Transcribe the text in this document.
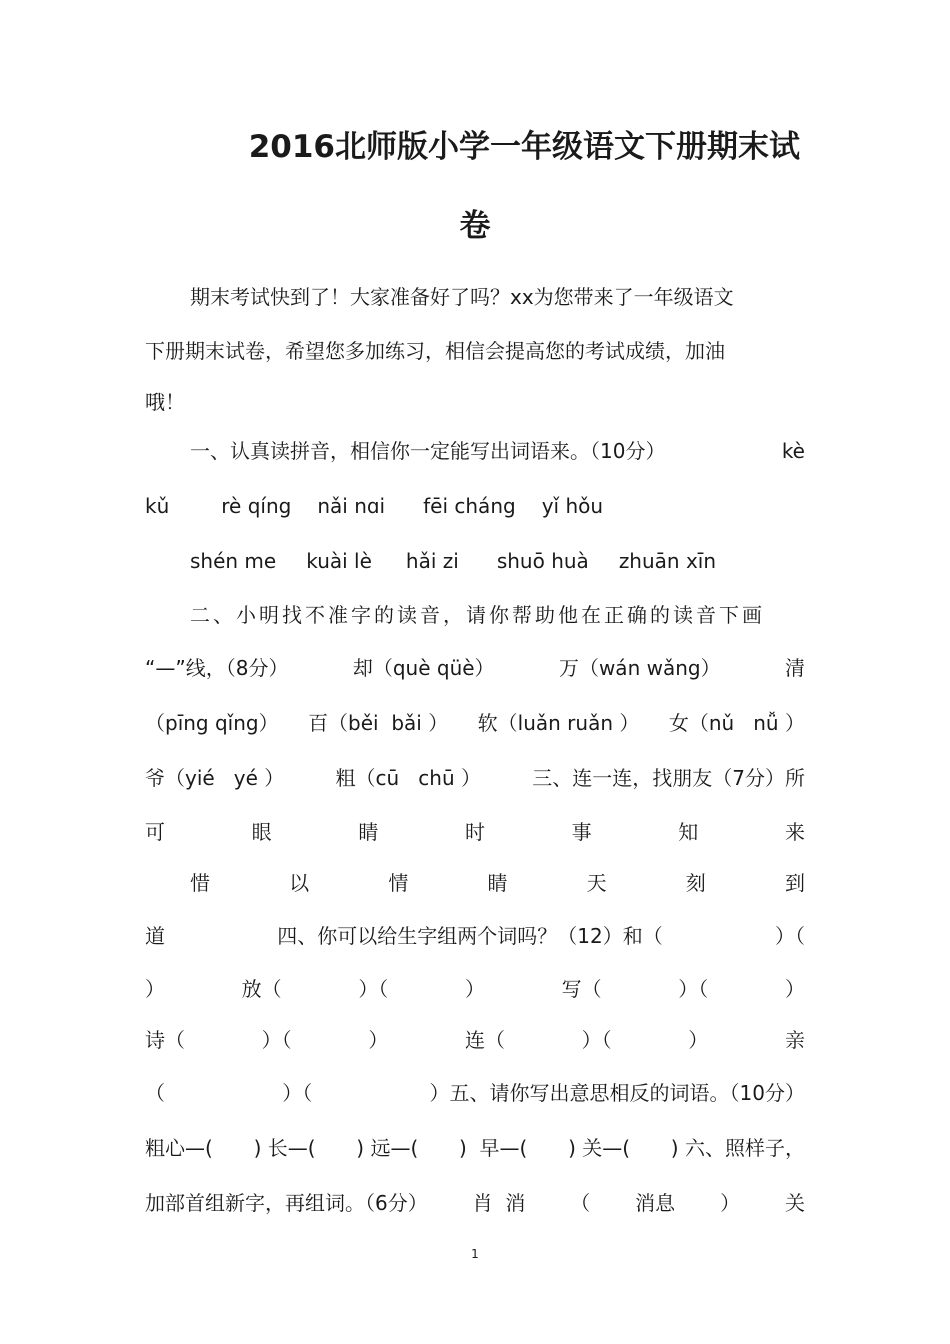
2016北师版小学一年级语文下册期末试
卷
期末考试快到了！大家准备好了吗？xx为您带来了一年级语文
下册期末试卷，希望您多加练习，相信会提高您的考试成绩，加油
哦！
一、认真读拼音，相信你一定能写出词语来。（10分）	kè
kǔ	rè qíng nǎi nɑi fēi cháng yǐ hǒu
shén me kuài lè hǎi zi shuō huà zhuān xīn
二、小明找不准字的读音，请你帮助他在正确的读音下画
“—”线，（8分）	却（què qüè）	万（wán wǎng）	清
（pīng qǐng） 百（běi  bǎi ） 软（luǎn ruǎn ） 女（nǔ   nǚ ）
爷（yié   yé ）	粗（cū   chū ）	三、连一连，找朋友（7分）所
可	眼	睛	时	事	知	来
惜	以	情	睛	天	刻	到
道	四、你可以给生字组两个词吗？（12）和（	）（
）	放（	）（	）	写（	）（	）
诗（	）（	）	连（	）（	）	亲
（	）（	）五、请你写出意思相反的词语。（10分）
粗心—( ) 长—( ) 远—( )  早—( ) 关—( ) 六、照样子，
加部首组新字，再组词。（6分） 肖  消 （ 消息 ） 关
1
